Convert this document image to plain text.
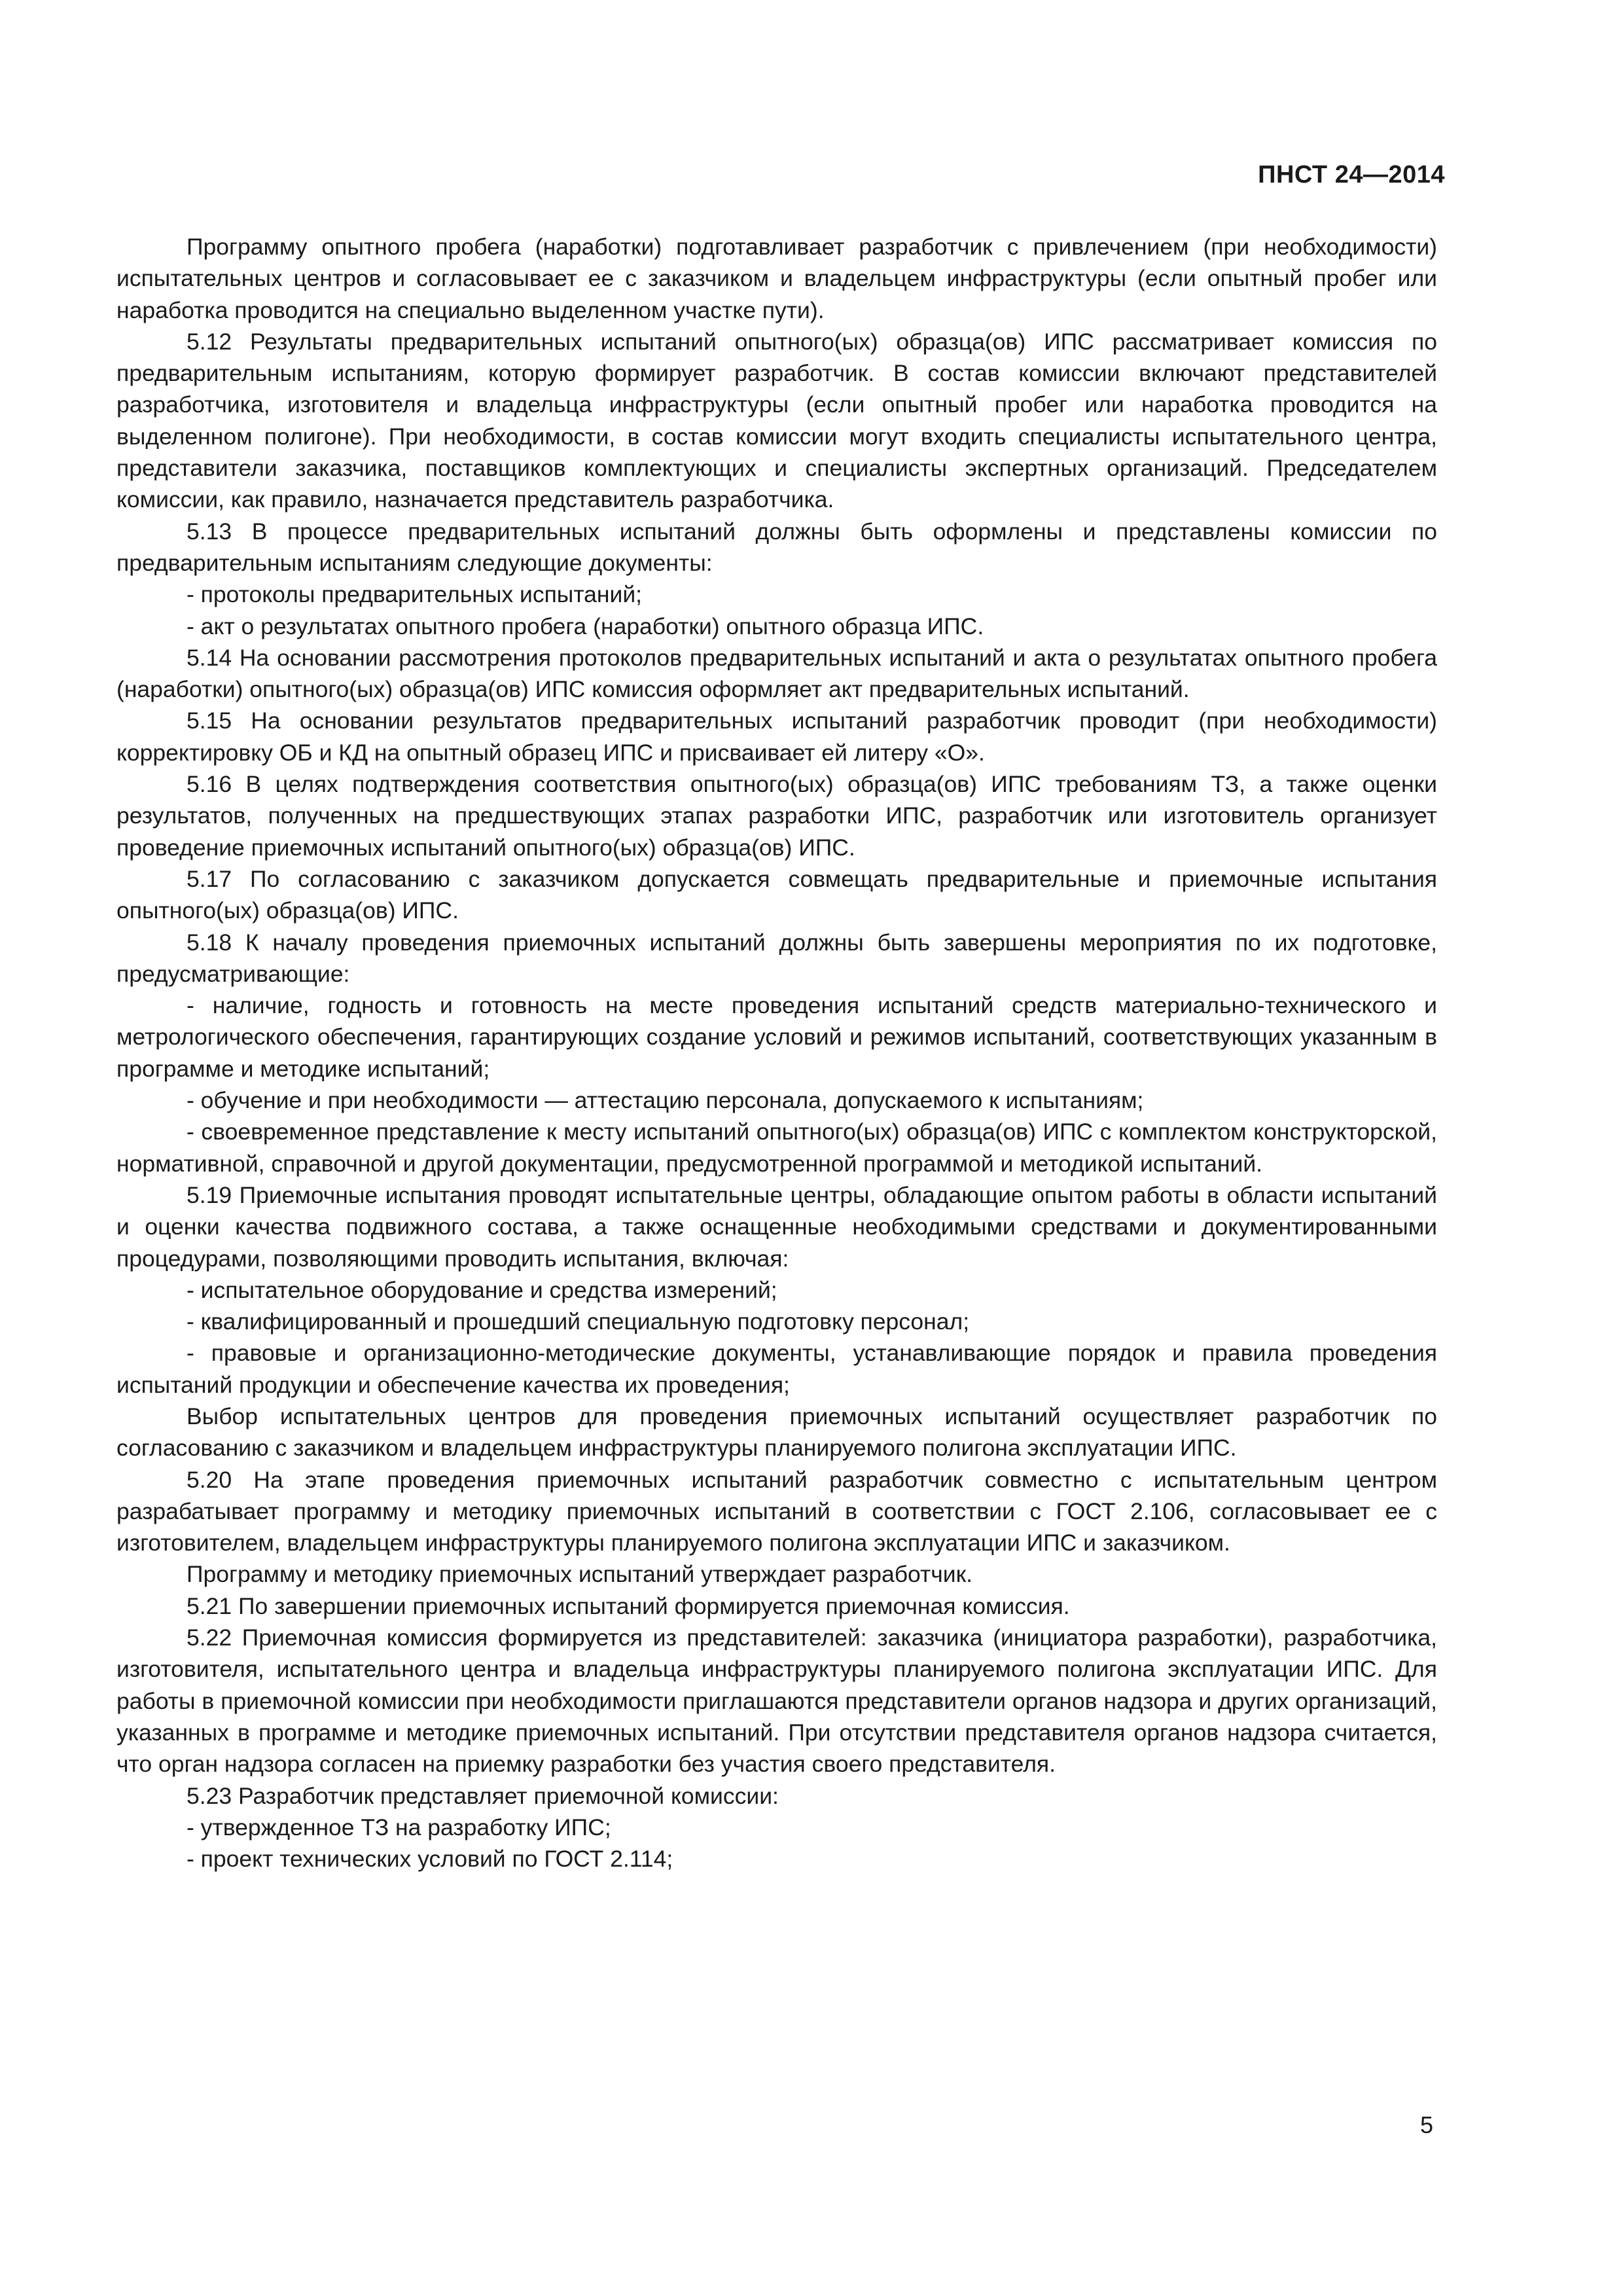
ПНСТ 24—2014

Программу опытного пробега (наработки) подготавливает разработчик с привлечением (при необходимости) испытательных центров и согласовывает ее с заказчиком и владельцем инфраструктуры (если опытный пробег или наработка проводится на специально выделенном участке пути).

5.12 Результаты предварительных испытаний опытного(ых) образца(ов) ИПС рассматривает комиссия по предварительным испытаниям, которую формирует разработчик. В состав комиссии включают представителей разработчика, изготовителя и владельца инфраструктуры (если опытный пробег или наработка проводится на выделенном полигоне). При необходимости, в состав комиссии могут входить специалисты испытательного центра, представители заказчика, поставщиков комплектующих и специалисты экспертных организаций. Председателем комиссии, как правило, назначается представитель разработчика.

5.13 В процессе предварительных испытаний должны быть оформлены и представлены комиссии по предварительным испытаниям следующие документы:

- протоколы предварительных испытаний;

- акт о результатах опытного пробега (наработки) опытного образца ИПС.

5.14 На основании рассмотрения протоколов предварительных испытаний и акта о результатах опытного пробега (наработки) опытного(ых) образца(ов) ИПС комиссия оформляет акт предварительных испытаний.

5.15 На основании результатов предварительных испытаний разработчик проводит (при необходимости) корректировку ОБ и КД на опытный образец ИПС и присваивает ей литеру «О».

5.16 В целях подтверждения соответствия опытного(ых) образца(ов) ИПС требованиям ТЗ, а также оценки результатов, полученных на предшествующих этапах разработки ИПС, разработчик или изготовитель организует проведение приемочных испытаний опытного(ых) образца(ов) ИПС.

5.17 По согласованию с заказчиком допускается совмещать предварительные и приемочные испытания опытного(ых) образца(ов) ИПС.

5.18 К началу проведения приемочных испытаний должны быть завершены мероприятия по их подготовке, предусматривающие:

- наличие, годность и готовность на месте проведения испытаний средств материально-технического и метрологического обеспечения, гарантирующих создание условий и режимов испытаний, соответствующих указанным в программе и методике испытаний;

- обучение и при необходимости — аттестацию персонала, допускаемого к испытаниям;

- своевременное представление к месту испытаний опытного(ых) образца(ов) ИПС с комплектом конструкторской, нормативной, справочной и другой документации, предусмотренной программой и методикой испытаний.

5.19 Приемочные испытания проводят испытательные центры, обладающие опытом работы в области испытаний и оценки качества подвижного состава, а также оснащенные необходимыми средствами и документированными процедурами, позволяющими проводить испытания, включая:

- испытательное оборудование и средства измерений;

- квалифицированный и прошедший специальную подготовку персонал;

- правовые и организационно-методические документы, устанавливающие порядок и правила проведения испытаний продукции и обеспечение качества их проведения;

Выбор испытательных центров для проведения приемочных испытаний осуществляет разработчик по согласованию с заказчиком и владельцем инфраструктуры планируемого полигона эксплуатации ИПС.

5.20 На этапе проведения приемочных испытаний разработчик совместно с испытательным центром разрабатывает программу и методику приемочных испытаний в соответствии с ГОСТ 2.106, согласовывает ее с изготовителем, владельцем инфраструктуры планируемого полигона эксплуатации ИПС и заказчиком.

Программу и методику приемочных испытаний утверждает разработчик.

5.21 По завершении приемочных испытаний формируется приемочная комиссия.

5.22 Приемочная комиссия формируется из представителей: заказчика (инициатора разработки), разработчика, изготовителя, испытательного центра и владельца инфраструктуры планируемого полигона эксплуатации ИПС. Для работы в приемочной комиссии при необходимости приглашаются представители органов надзора и других организаций, указанных в программе и методике приемочных испытаний. При отсутствии представителя органов надзора считается, что орган надзора согласен на приемку разработки без участия своего представителя.

5.23 Разработчик представляет приемочной комиссии:

- утвержденное ТЗ на разработку ИПС;

- проект технических условий по ГОСТ 2.114;

5
